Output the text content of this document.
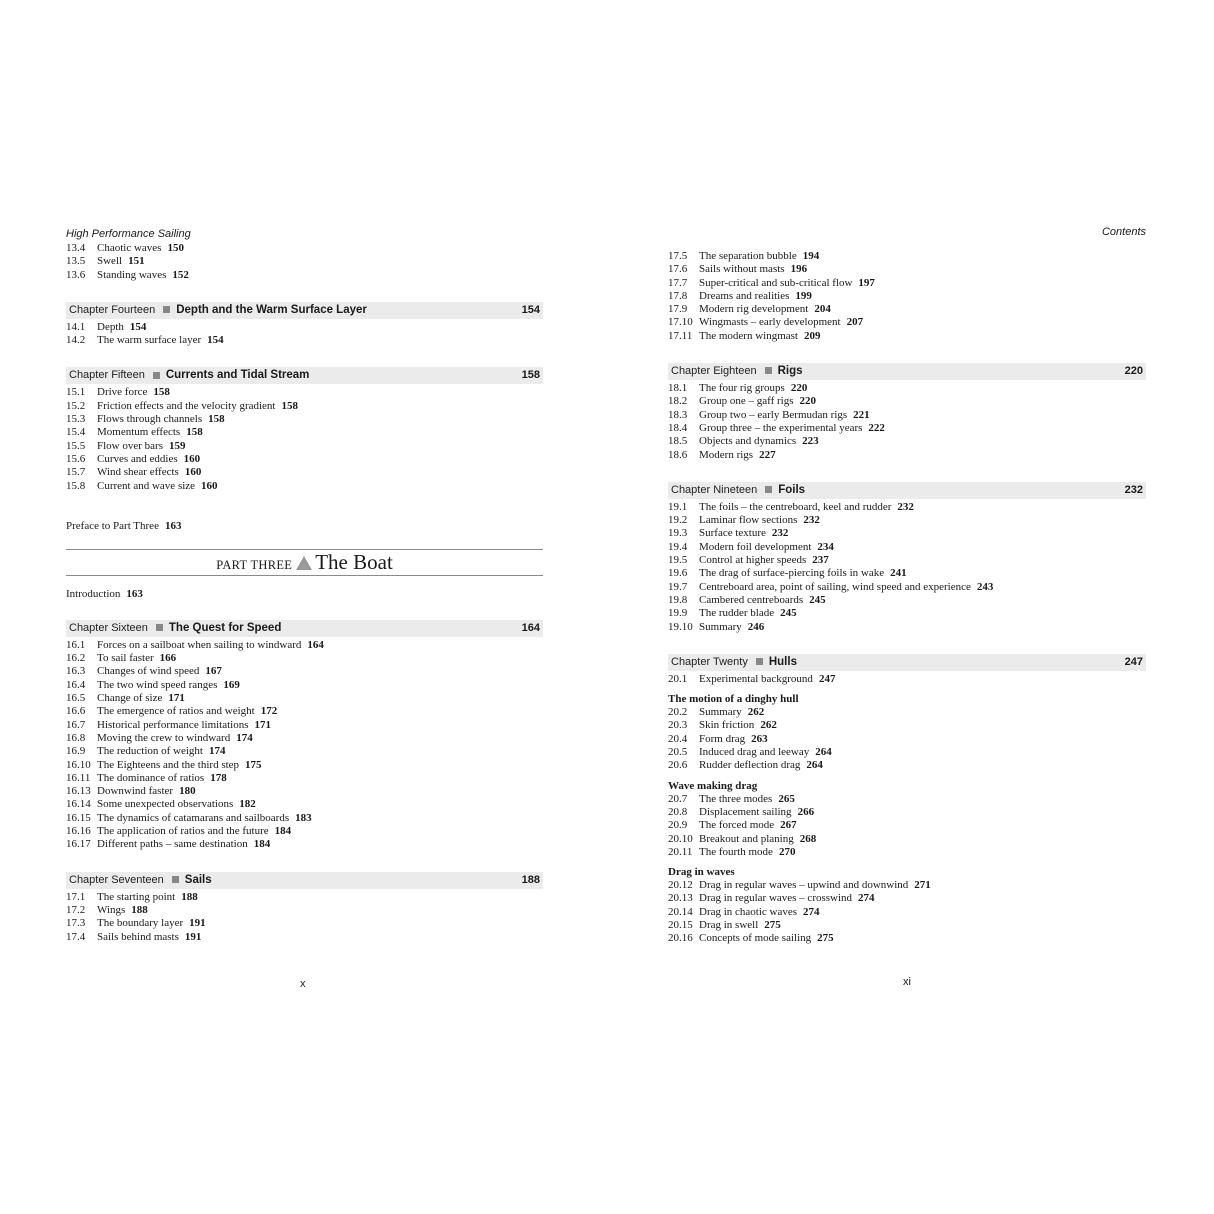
High Performance Sailing
13.4 Chaotic waves 150
13.5 Swell 151
13.6 Standing waves 152
Chapter Fourteen Depth and the Warm Surface Layer	154
14.1 Depth 154
14.2 The warm surface layer 154
Chapter Fifteen Currents and Tidal Stream	158
15.1 Drive force 158
15.2 Friction effects and the velocity gradient 158
15.3 Flows through channels 158
15.4 Momentum effects 158
15.5 Flow over bars 159
15.6 Curves and eddies 160
15.7 Wind shear effects 160
15.8 Current and wave size 160
Preface to Part Three 163
PART THREE The Boat
Introduction 163
Chapter Sixteen The Quest for Speed	164
16.1 Forces on a sailboat when sailing to windward 164
16.2 To sail faster 166
16.3 Changes of wind speed 167
16.4 The two wind speed ranges 169
16.5 Change of size 171
16.6 The emergence of ratios and weight 172
16.7 Historical performance limitations 171
16.8 Moving the crew to windward 174
16.9 The reduction of weight 174
16.10 The Eighteens and the third step 175
16.11 The dominance of ratios 178
16.13 Downwind faster 180
16.14 Some unexpected observations 182
16.15 The dynamics of catamarans and sailboards 183
16.16 The application of ratios and the future 184
16.17 Different paths – same destination 184
Chapter Seventeen Sails	188
17.1 The starting point 188
17.2 Wings 188
17.3 The boundary layer 191
17.4 Sails behind masts 191
x
Contents
17.5 The separation bubble 194
17.6 Sails without masts 196
17.7 Super-critical and sub-critical flow 197
17.8 Dreams and realities 199
17.9 Modern rig development 204
17.10 Wingmasts – early development 207
17.11 The modern wingmast 209
Chapter Eighteen Rigs	220
18.1 The four rig groups 220
18.2 Group one – gaff rigs 220
18.3 Group two – early Bermudan rigs 221
18.4 Group three – the experimental years 222
18.5 Objects and dynamics 223
18.6 Modern rigs 227
Chapter Nineteen Foils	232
19.1 The foils – the centreboard, keel and rudder 232
19.2 Laminar flow sections 232
19.3 Surface texture 232
19.4 Modern foil development 234
19.5 Control at higher speeds 237
19.6 The drag of surface-piercing foils in wake 241
19.7 Centreboard area, point of sailing, wind speed and experience 243
19.8 Cambered centreboards 245
19.9 The rudder blade 245
19.10 Summary 246
Chapter Twenty Hulls	247
20.1 Experimental background 247
The motion of a dinghy hull
20.2 Summary 262
20.3 Skin friction 262
20.4 Form drag 263
20.5 Induced drag and leeway 264
20.6 Rudder deflection drag 264
Wave making drag
20.7 The three modes 265
20.8 Displacement sailing 266
20.9 The forced mode 267
20.10 Breakout and planing 268
20.11 The fourth mode 270
Drag in waves
20.12 Drag in regular waves – upwind and downwind 271
20.13 Drag in regular waves – crosswind 274
20.14 Drag in chaotic waves 274
20.15 Drag in swell 275
20.16 Concepts of mode sailing 275
xi
